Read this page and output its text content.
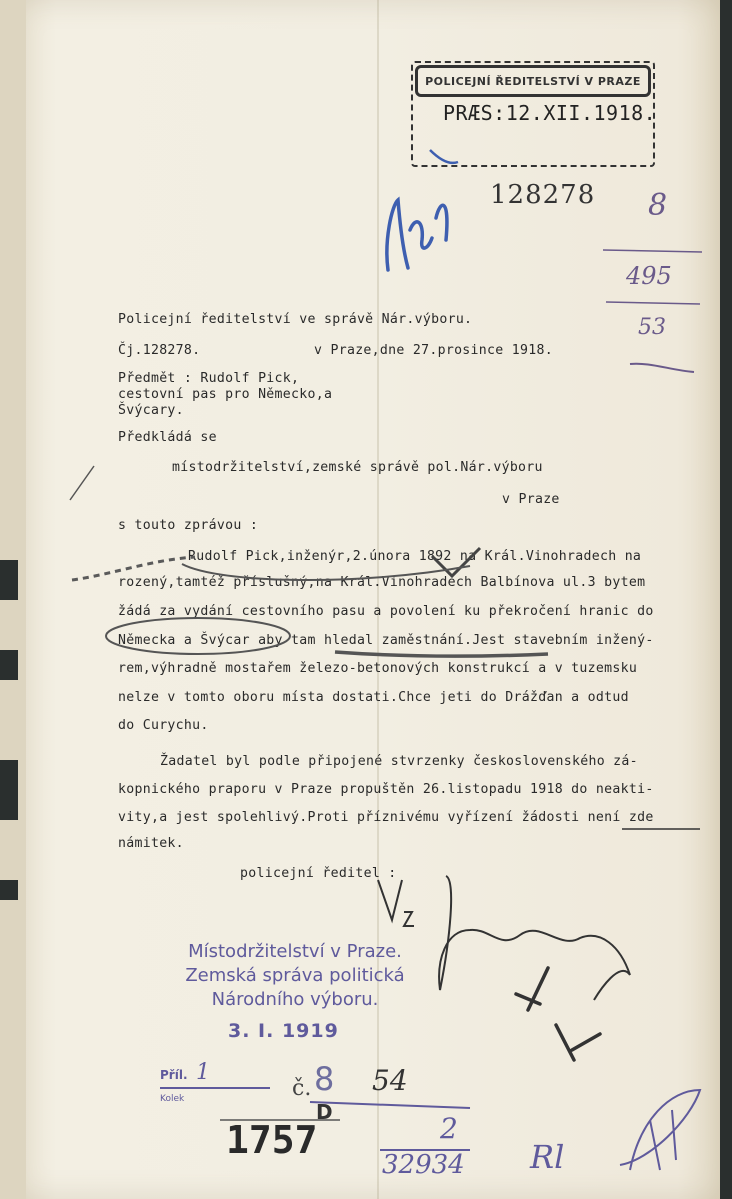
POLICEJNÍ ŘEDITELSTVÍ V PRAZE
PRÆS:12.XII.1918.
128278 8
495
53
Policejní ředitelství ve správě Nár.výboru.
Čj.128278.	v Praze,dne 27.prosince 1918.
Předmět : Rudolf Pick,
cestovní pas pro Německo,a
Švýcary.
Předkládá se
místodržitelství,zemské správě pol.Nár.výboru
v Praze
s touto zprávou :
Rudolf Pick,inženýr,2.února 1892 na Král.Vinohradech na
rozený,tamtéž příslušný,na Král.Vinohradech Balbínova ul.3 bytem
žádá za vydání cestovního pasu a povolení ku překročení hranic do
Německa a Švýcar aby tam hledal zaměstnání.Jest stavebním inžený-
rem,výhradně mostařem železo-betonových konstrukcí a v tuzemsku
nelze v tomto oboru místa dostati.Chce jeti do Drážďan a odtud
do Curychu.
Žadatel byl podle připojené stvrzenky československého zá-
kopnického praporu v Praze propuštěn 26.listopadu 1918 do neakti-
vity,a jest spolehlivý.Proti příznivému vyřízení žádosti není zde
námitek.
policejní ředitel :
Místodržitelství v Praze.
Zemská správa politická
Národního výboru.
3. I. 1919
Příl. 1
Kolek	č. 8
D
54
1757	2
32934 Rl
